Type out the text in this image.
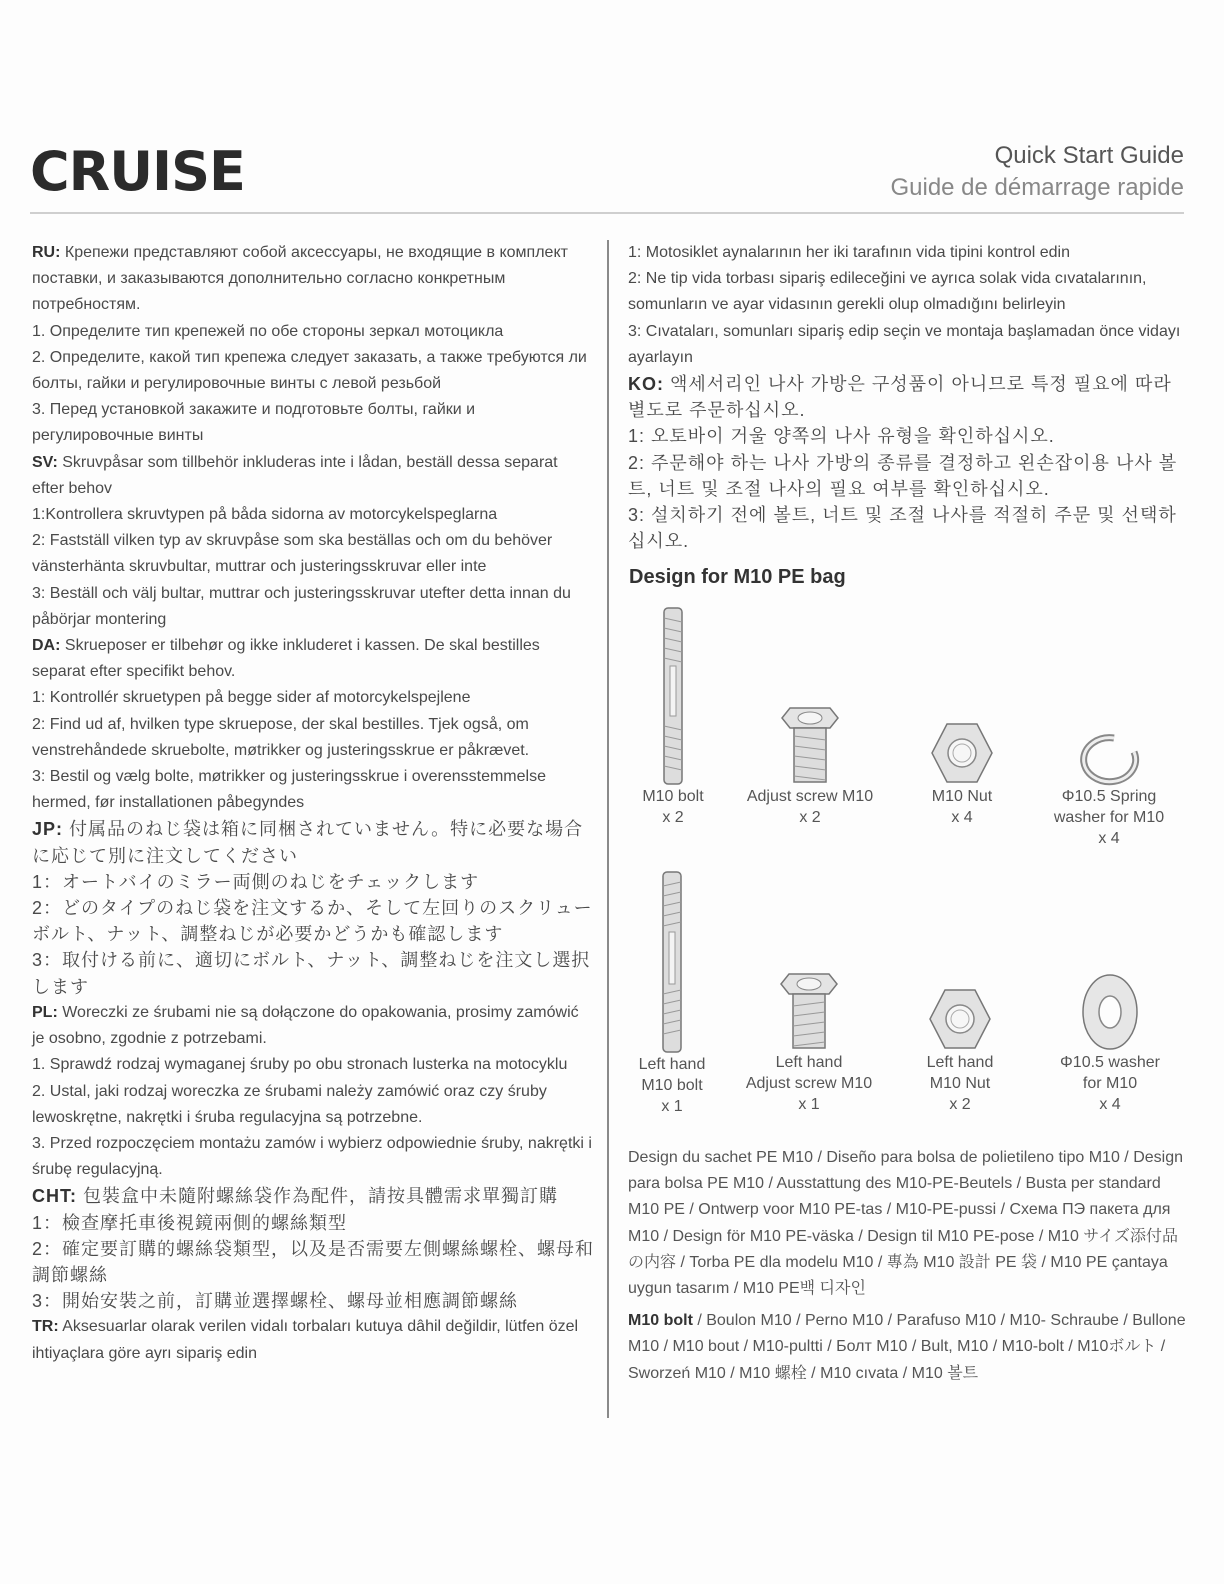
CRUISE	Quick Start Guide
Guide de démarrage rapide

RU: Крепежи представляют собой аксессуары, не входящие в комплект поставки, и заказываются дополнительно согласно конкретным потребностям.

1. Определите тип крепежей по обе стороны зеркал мотоцикла

2. Определите, какой тип крепежа следует заказать, а также требуются ли болты, гайки и регулировочные винты с левой резьбой

3. Перед установкой закажите и подготовьте болты, гайки и регулировочные винты

SV: Skruvpåsar som tillbehör inkluderas inte i lådan, beställ dessa separat efter behov

1:Kontrollera skruvtypen på båda sidorna av motorcykelspeglarna

2: Fastställ vilken typ av skruvpåse som ska beställas och om du behöver vänsterhänta skruvbultar, muttrar och justeringsskruvar eller inte

3: Beställ och välj bultar, muttrar och justeringsskruvar utefter detta innan du påbörjar montering

DA: Skrueposer er tilbehør og ikke inkluderet i kassen. De skal bestilles separat efter specifikt behov.

1: Kontrollér skruetypen på begge sider af motorcykelspejlene

2: Find ud af, hvilken type skruepose, der skal bestilles. Tjek også, om venstrehåndede skruebolte, møtrikker og justeringsskrue er påkrævet.

3: Bestil og vælg bolte, møtrikker og justeringsskrue i overensstemmelse hermed, før installationen påbegyndes

JP: 付属品のねじ袋は箱に同梱されていません。特に必要な場合に応じて別に注文してください

1：オートバイのミラー両側のねじをチェックします

2：どのタイプのねじ袋を注文するか、そして左回りのスクリューボルト、ナット、調整ねじが必要かどうかも確認します

3：取付ける前に、適切にボルト、ナット、調整ねじを注文し選択します

PL: Woreczki ze śrubami nie są dołączone do opakowania, prosimy zamówić je osobno, zgodnie z potrzebami.

1. Sprawdź rodzaj wymaganej śruby po obu stronach lusterka na motocyklu

2. Ustal, jaki rodzaj woreczka ze śrubami należy zamówić oraz czy śruby lewoskrętne, nakrętki i śruba regulacyjna są potrzebne.

3. Przed rozpoczęciem montażu zamów i wybierz odpowiednie śruby, nakrętki i śrubę regulacyjną.

CHT: 包裝盒中未隨附螺絲袋作為配件，請按具體需求單獨訂購

1：檢查摩托車後視鏡兩側的螺絲類型

2：確定要訂購的螺絲袋類型，以及是否需要左側螺絲螺栓、螺母和調節螺絲

3：開始安裝之前，訂購並選擇螺栓、螺母並相應調節螺絲

TR: Aksesuarlar olarak verilen vidalı torbaları kutuya dâhil değildir, lütfen özel ihtiyaçlara göre ayrı sipariş edin

1: Motosiklet aynalarının her iki tarafının vida tipini kontrol edin

2: Ne tip vida torbası sipariş edileceğini ve ayrıca solak vida cıvatalarının, somunların ve ayar vidasının gerekli olup olmadığını belirleyin

3: Cıvataları, somunları sipariş edip seçin ve montaja başlamadan önce vidayı ayarlayın

KO: 액세서리인 나사 가방은 구성품이 아니므로 특정 필요에 따라 별도로 주문하십시오.

1: 오토바이 거울 양쪽의 나사 유형을 확인하십시오.

2: 주문해야 하는 나사 가방의 종류를 결정하고 왼손잡이용 나사 볼트, 너트 및 조절 나사의 필요 여부를 확인하십시오.

3: 설치하기 전에 볼트, 너트 및 조절 나사를 적절히 주문 및 선택하십시오.

Design for M10 PE bag
M10 bolt
x 2
Adjust screw M10
x 2
M10 Nut
x 4
Φ10.5 Spring
washer for M10
x 4
Left hand
M10 bolt
x 1
Left hand
Adjust screw M10
x 1
Left hand
M10 Nut
x 2
Φ10.5 washer
for M10
x 4

Design du sachet PE M10 / Diseño para bolsa de polietileno tipo M10 / Design para bolsa PE M10 / Ausstattung des M10-PE-Beutels / Busta per standard M10 PE / Ontwerp voor M10 PE-tas / M10-PE-pussi / Схема ПЭ пакета для M10 / Design för M10 PE-väska / Design til M10 PE-pose / M10 サイズ添付品の内容 / Torba PE dla modelu M10 / 專為 M10 設計 PE 袋 / M10 PE çantaya uygun tasarım / M10 PE백 디자인

M10 bolt / Boulon M10 / Perno M10 / Parafuso M10 / M10- Schraube / Bullone M10 / M10 bout / M10-pultti / Болт M10 / Bult, M10 / M10-bolt / M10ボルト / Sworzeń M10 / M10 螺栓 / M10 cıvata / M10 볼트
